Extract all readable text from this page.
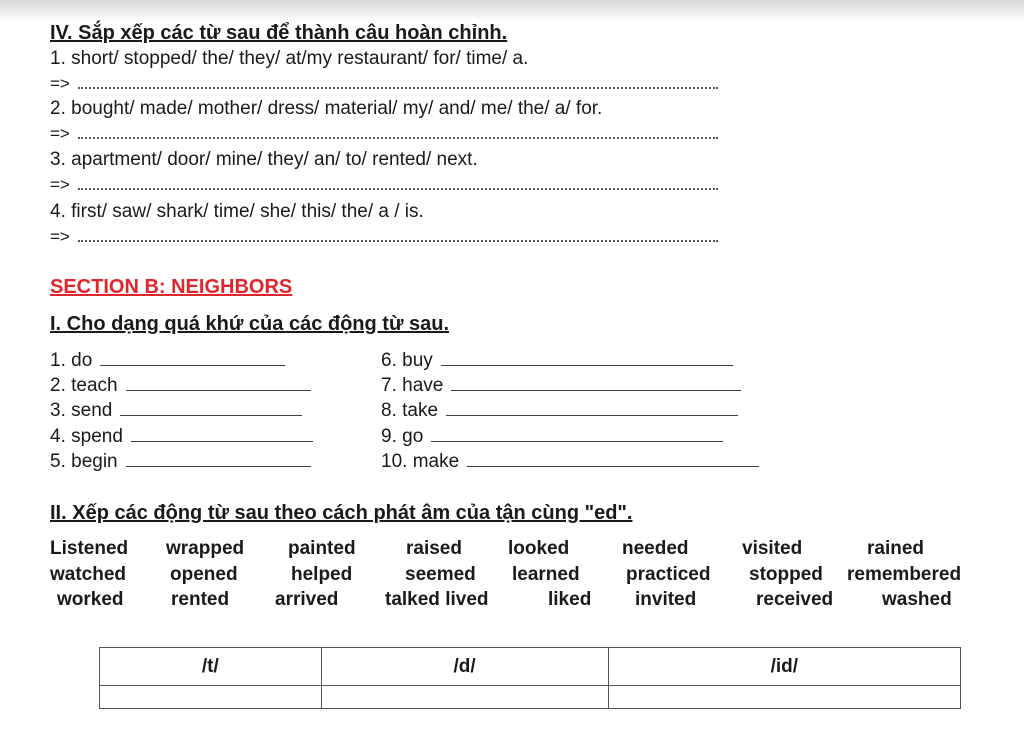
IV. Sắp xếp các từ sau để thành câu hoàn chỉnh.
1. short/ stopped/ the/ they/ at/my restaurant/ for/ time/ a.
=>
2. bought/ made/ mother/ dress/ material/ my/ and/ me/ the/ a/ for.
=>
3. apartment/ door/ mine/ they/ an/ to/ rented/ next.
=>
4. first/ saw/ shark/ time/ she/ this/ the/ a / is.
=>
SECTION B: NEIGHBORS
I. Cho dạng quá khứ của các động từ sau.
1. do
2. teach
3. send
4. spend
5. begin
6. buy
7. have
8. take
9. go
10. make
II. Xếp các động từ sau theo cách phát âm của tận cùng "ed".
Listened wrapped painted	raised looked	needed	visited	rained
watched opened	helped	seemed learned practiced stopped remembered
worked rented arrived talked lived	liked invited	received	washed
/t/	/d/	/id/
